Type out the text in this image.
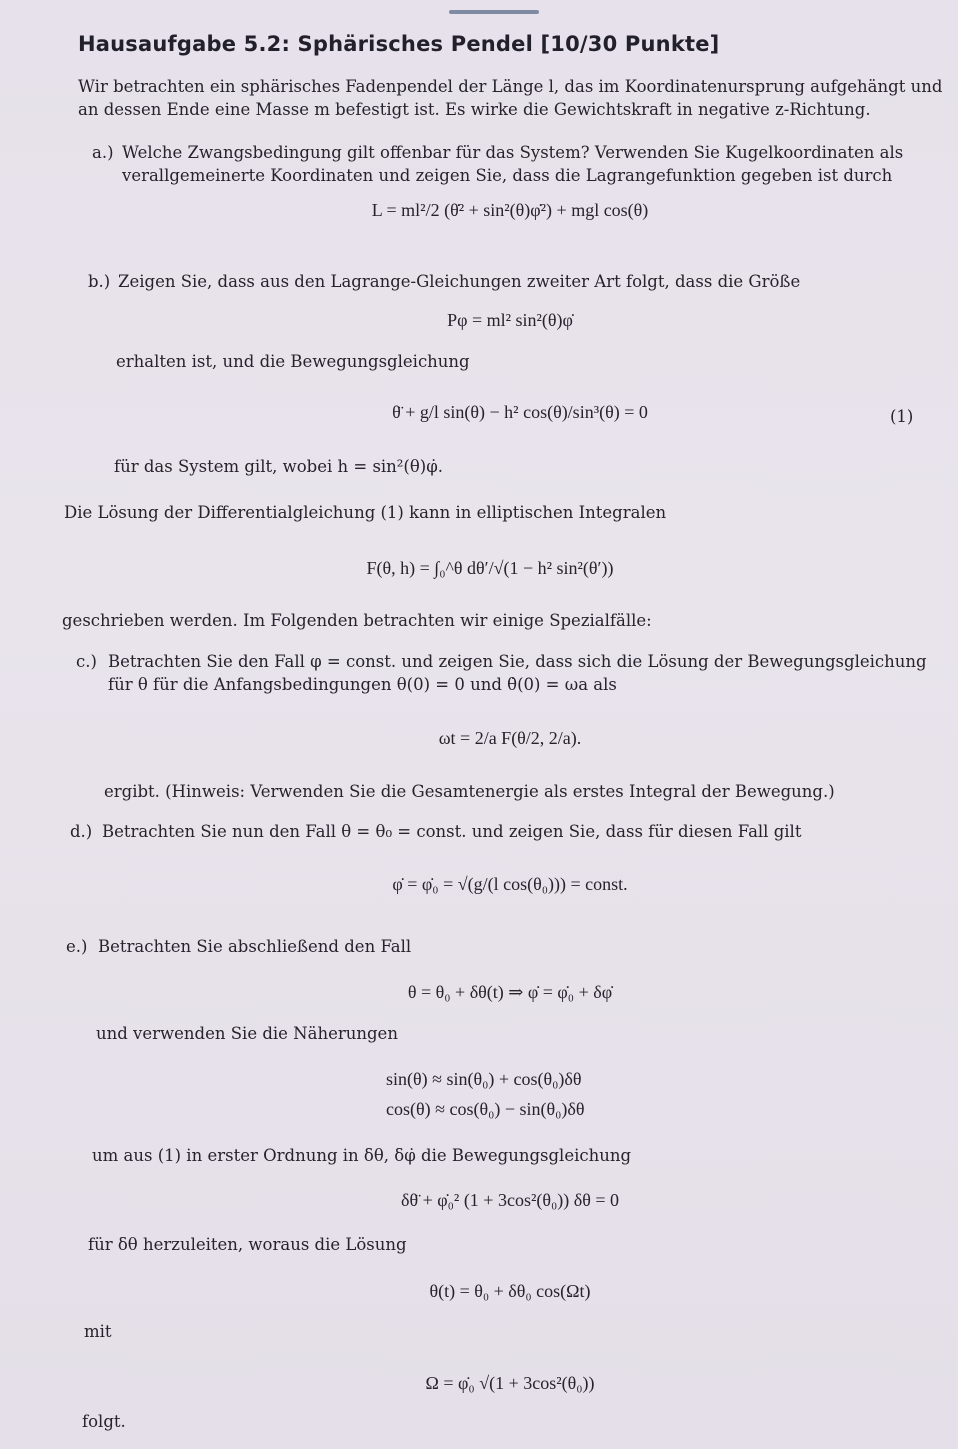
Hausaufgabe 5.2: Sphärisches Pendel [10/30 Punkte]
Wir betrachten ein sphärisches Fadenpendel der Länge l, das im Koordinatenursprung aufgehängt und
an dessen Ende eine Masse m befestigt ist. Es wirke die Gewichtskraft in negative z-Richtung.
a.) Welche Zwangsbedingung gilt offenbar für das System? Verwenden Sie Kugelkoordinaten als
verallgemeinerte Koordinaten und zeigen Sie, dass die Lagrangefunktion gegeben ist durch
L = ml²/2 (θ̇² + sin²(θ)φ̇²) + mgl cos(θ)
b.) Zeigen Sie, dass aus den Lagrange-Gleichungen zweiter Art folgt, dass die Größe
Pφ = ml² sin²(θ)φ̇
erhalten ist, und die Bewegungsgleichung
θ̈ + g/l sin(θ) − h² cos(θ)/sin³(θ) = 0	(1)
für das System gilt, wobei h = sin²(θ)φ̇.
Die Lösung der Differentialgleichung (1) kann in elliptischen Integralen
F(θ, h) = ∫₀^θ dθ′/√(1 − h² sin²(θ′))
geschrieben werden. Im Folgenden betrachten wir einige Spezialfälle:
c.) Betrachten Sie den Fall φ = const. und zeigen Sie, dass sich die Lösung der Bewegungsgleichung
für θ für die Anfangsbedingungen θ(0) = 0 und θ̇(0) = ωa als
ωt = 2/a F(θ/2, 2/a).
ergibt. (Hinweis: Verwenden Sie die Gesamtenergie als erstes Integral der Bewegung.)
d.) Betrachten Sie nun den Fall θ = θ₀ = const. und zeigen Sie, dass für diesen Fall gilt
φ̇ = φ̇₀ = √(g/(l cos(θ₀))) = const.
e.) Betrachten Sie abschließend den Fall
θ = θ₀ + δθ(t) ⇒ φ̇ = φ̇₀ + δφ̇
und verwenden Sie die Näherungen
sin(θ) ≈ sin(θ₀) + cos(θ₀)δθ
cos(θ) ≈ cos(θ₀) − sin(θ₀)δθ
um aus (1) in erster Ordnung in δθ, δφ̇ die Bewegungsgleichung
δθ̈ + φ̇₀² (1 + 3cos²(θ₀)) δθ = 0
für δθ herzuleiten, woraus die Lösung
θ(t) = θ₀ + δθ₀ cos(Ωt)
mit
Ω = φ̇₀ √(1 + 3cos²(θ₀))
folgt.
